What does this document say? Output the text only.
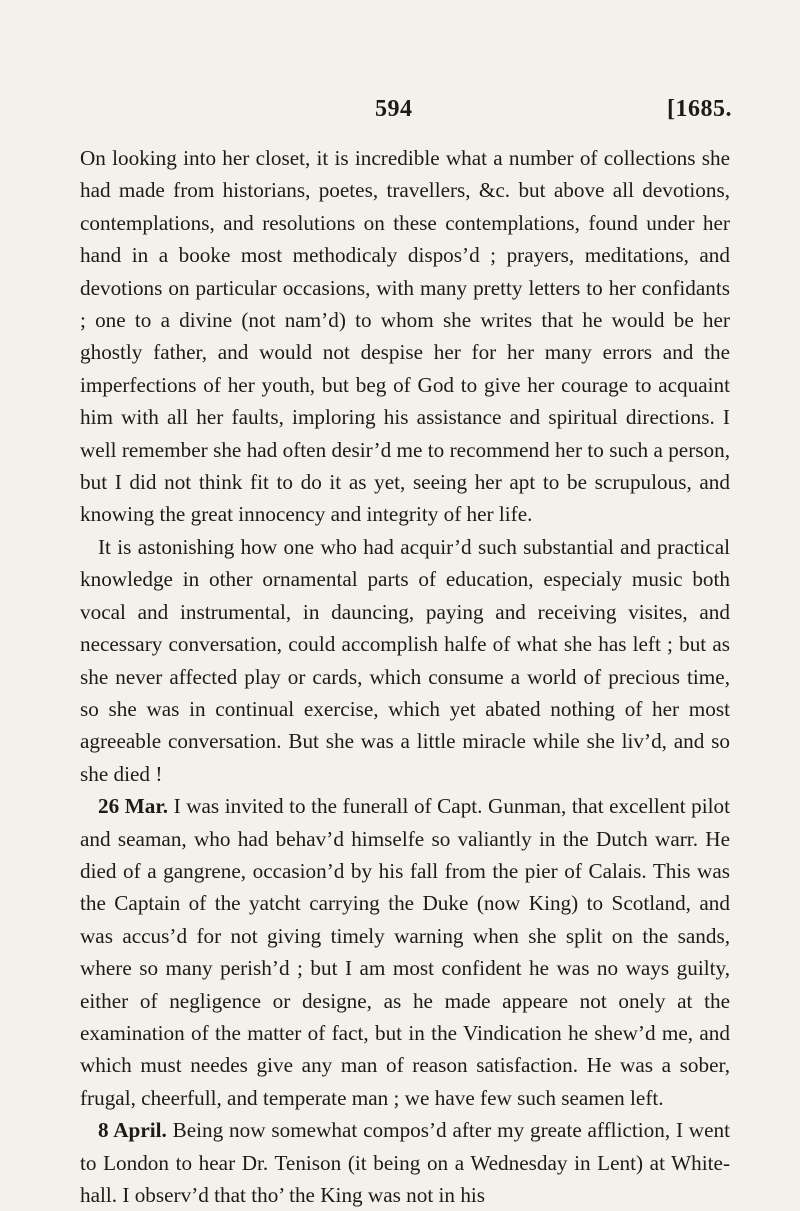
594	[1685.

On looking into her closet, it is incredible what a number of collections she had made from historians, poetes, travellers, &c. but above all devotions, contemplations, and resolutions on these contemplations, found under her hand in a booke most methodicaly dispos’d ; prayers, meditations, and devotions on particular occasions, with many pretty letters to her confidants ; one to a divine (not nam’d) to whom she writes that he would be her ghostly father, and would not despise her for her many errors and the imperfections of her youth, but beg of God to give her courage to acquaint him with all her faults, imploring his assistance and spiritual directions. I well remember she had often desir’d me to recommend her to such a person, but I did not think fit to do it as yet, seeing her apt to be scrupulous, and knowing the great innocency and integrity of her life.

It is astonishing how one who had acquir’d such substantial and practical knowledge in other ornamental parts of education, especialy music both vocal and instrumental, in dauncing, paying and receiving visites, and necessary conversation, could accomplish halfe of what she has left ; but as she never affected play or cards, which consume a world of precious time, so she was in continual exercise, which yet abated nothing of her most agreeable conversation. But she was a little miracle while she liv’d, and so she died !

26 Mar. I was invited to the funerall of Capt. Gunman, that excellent pilot and seaman, who had behav’d himselfe so valiantly in the Dutch warr. He died of a gangrene, occasion’d by his fall from the pier of Calais. This was the Captain of the yatcht carrying the Duke (now King) to Scotland, and was accus’d for not giving timely warning when she split on the sands, where so many perish’d ; but I am most confident he was no ways guilty, either of negligence or designe, as he made appeare not onely at the examination of the matter of fact, but in the Vindication he shew’d me, and which must needes give any man of reason satisfaction. He was a sober, frugal, cheerfull, and temperate man ; we have few such seamen left.

8 April. Being now somewhat compos’d after my greate affliction, I went to London to hear Dr. Tenison (it being on a Wednesday in Lent) at White-hall. I observ’d that tho’ the King was not in his
